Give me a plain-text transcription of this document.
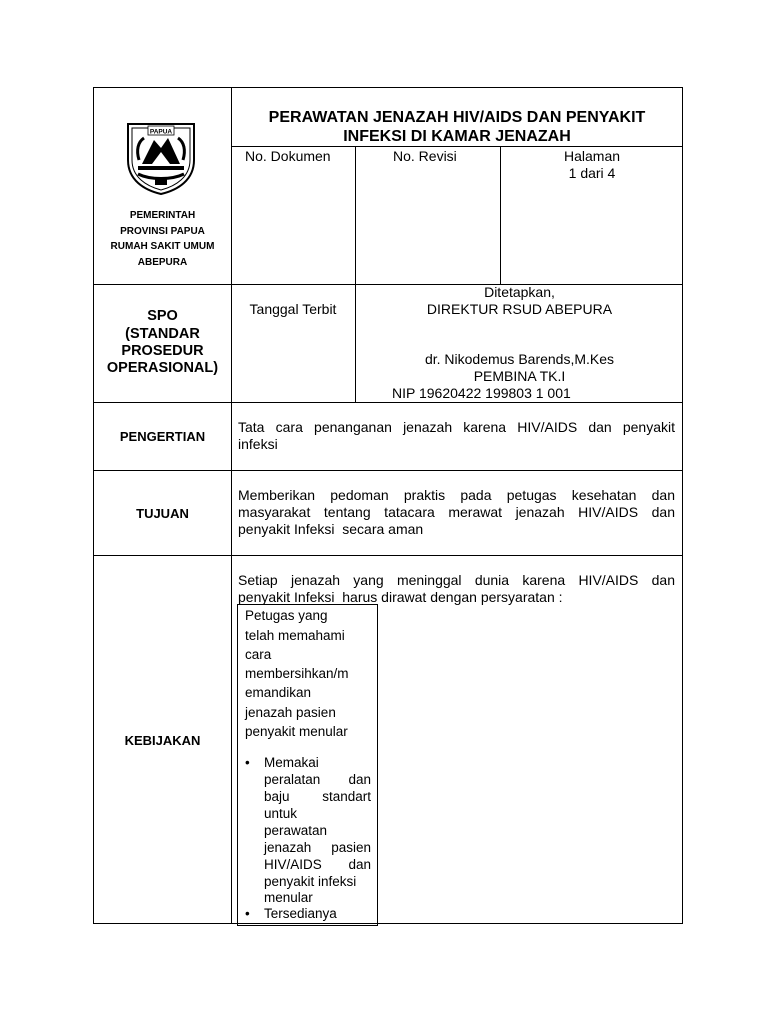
PAPUA
PEMERINTAH
PROVINSI PAPUA
RUMAH SAKIT UMUM
ABEPURA
PERAWATAN JENAZAH HIV/AIDS DAN PENYAKIT
INFEKSI DI KAMAR JENAZAH
No. Dokumen	No. Revisi	Halaman
1 dari 4
SPO
(STANDAR
PROSEDUR
OPERASIONAL)
Tanggal Terbit
Ditetapkan,
DIREKTUR RSUD ABEPURA
dr. Nikodemus Barends,M.Kes
PEMBINA TK.I
NIP 19620422 199803 1 001
PENGERTIAN
Tata cara penanganan jenazah karena HIV/AIDS dan penyakit
infeksi
TUJUAN
Memberikan pedoman praktis pada petugas kesehatan dan
masyarakat tentang tatacara merawat jenazah HIV/AIDS dan
penyakit Infeksi  secara aman
KEBIJAKAN
Setiap jenazah yang meninggal dunia karena HIV/AIDS dan
penyakit Infeksi  harus dirawat dengan persyaratan :
Petugas yang
telah memahami
cara
membersihkan/m
emandikan
jenazah pasien
penyakit menular
• Memakai
peralatan dan
baju standart
untuk
perawatan
jenazah pasien
HIV/AIDS dan
penyakit infeksi
menular
• Tersedianya
